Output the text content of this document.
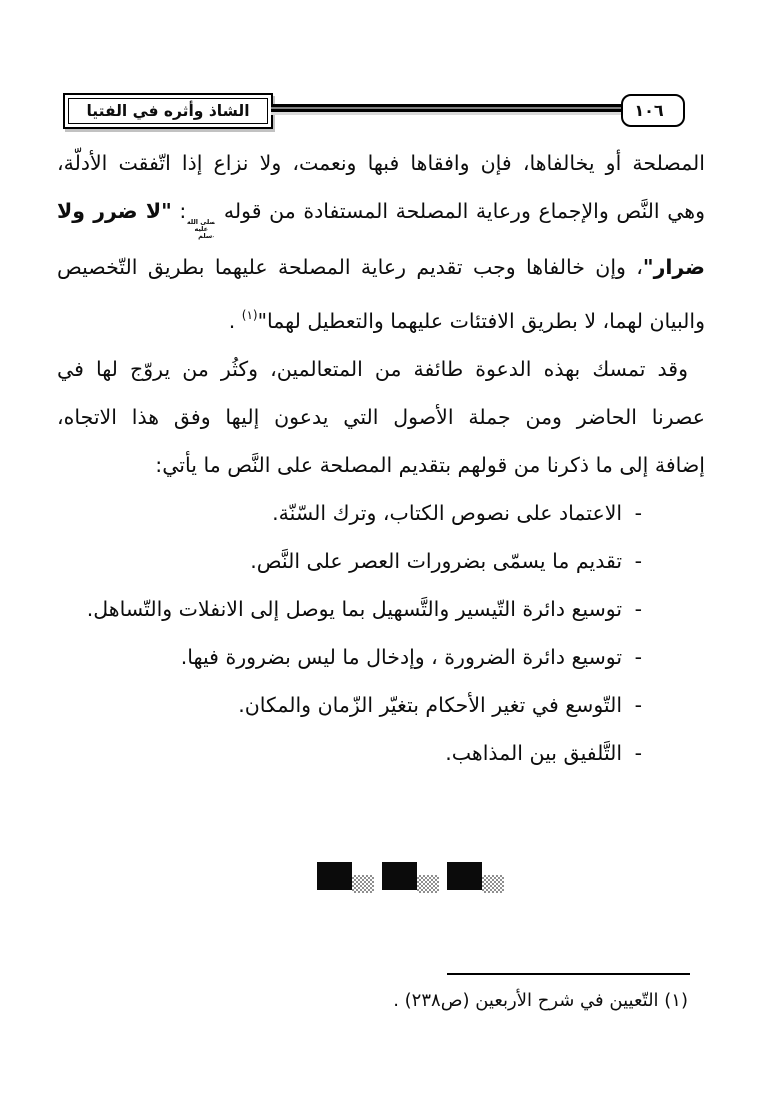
الشاذ وأثره في الفتيا	١٠٦
المصلحة أو يخالفاها، فإن وافقاها فبها ونعمت، ولا نزاع إذا اتّفقت الأدلّة،
وهي النَّص والإجماع ورعاية المصلحة المستفادة من قوله صلى الله عليه وسلم: "لا ضرر ولا
ضرار"، وإن خالفاها وجب تقديم رعاية المصلحة عليهما بطريق التّخصيص
والبيان لهما، لا بطريق الافتئات عليهما والتعطيل لهما"$^{(١)}$ .
وقد تمسك بهذه الدعوة طائفة من المتعالمين، وكثُر من يروّج لها في
عصرنا الحاضر ومن جملة الأصول التي يدعون إليها وفق هذا الاتجاه،
إضافة إلى ما ذكرنا من قولهم بتقديم المصلحة على النَّص ما يأتي:
- الاعتماد على نصوص الكتاب، وترك السّنّة.
- تقديم ما يسمّى بضرورات العصر على النَّص.
- توسيع دائرة التّيسير والتَّسهيل بما يوصل إلى الانفلات والتّساهل.
- توسيع دائرة الضرورة ، وإدخال ما ليس بضرورة فيها.
- التّوسع في تغير الأحكام بتغيّر الزّمان والمكان.
- التَّلفيق بين المذاهب.
(١) التّعيين في شرح الأربعين (ص٢٣٨) .
